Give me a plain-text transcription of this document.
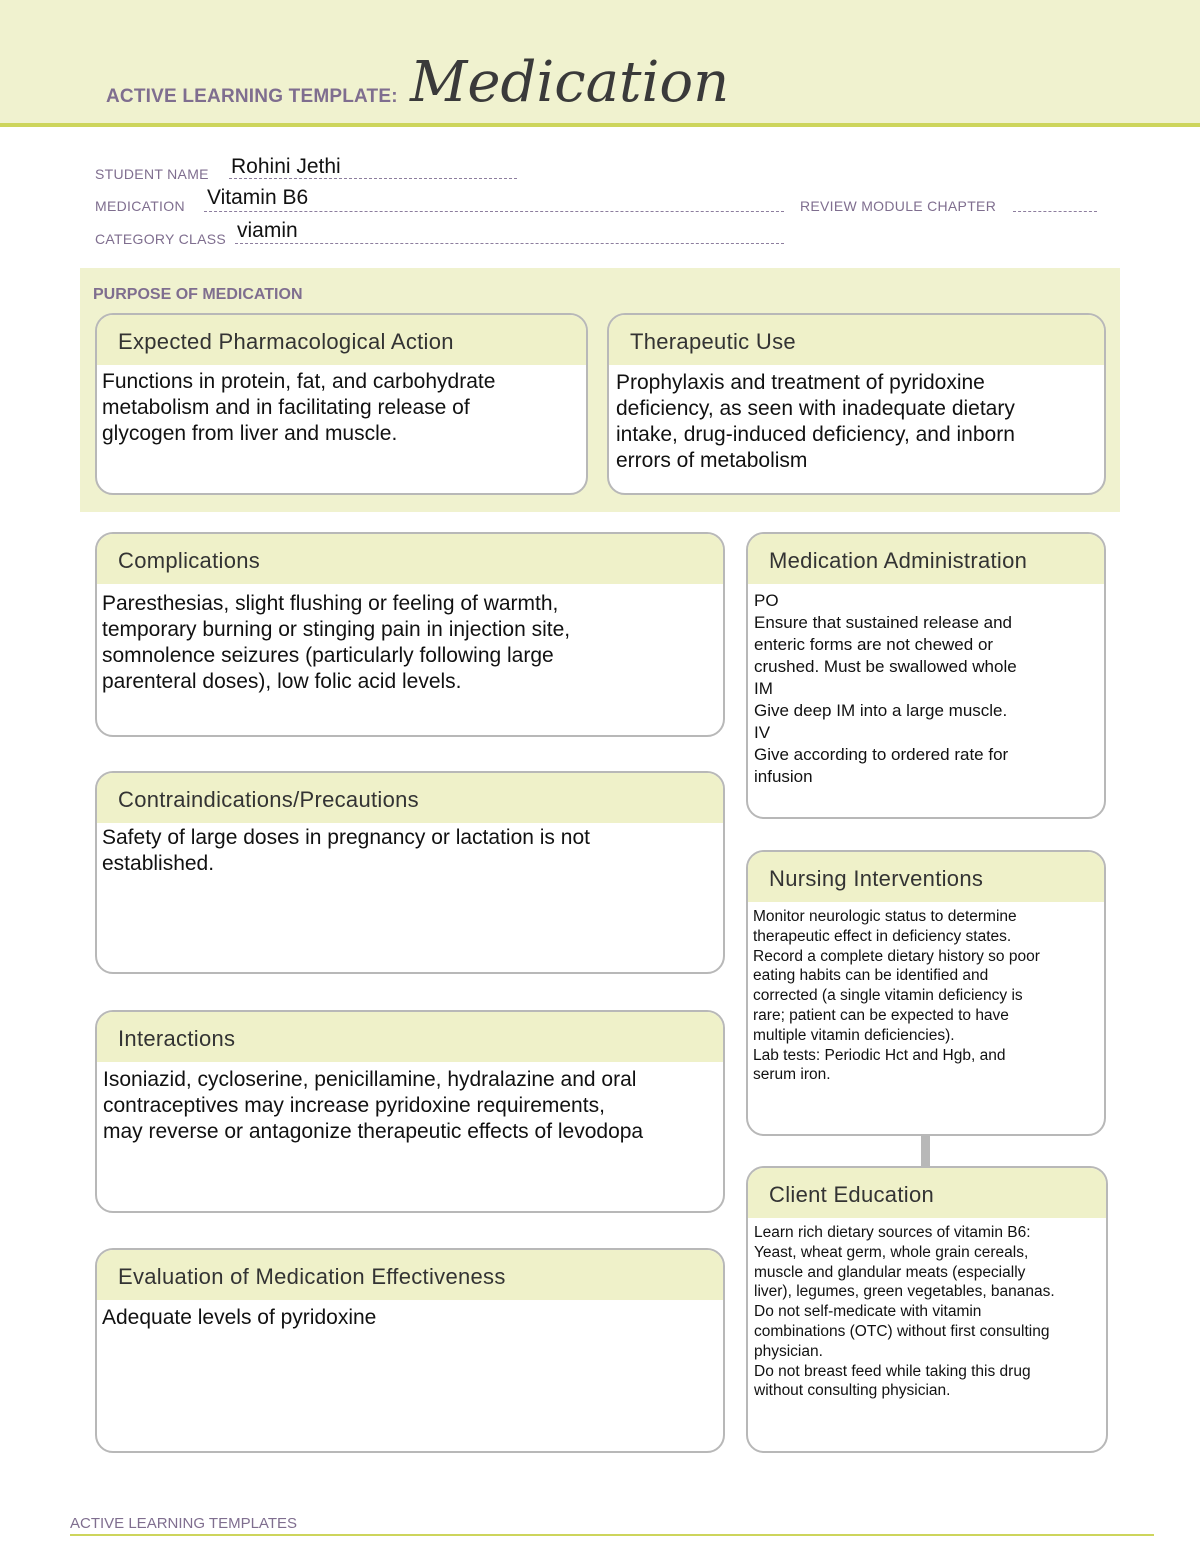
ACTIVE LEARNING TEMPLATE: Medication
STUDENT NAME Rohini Jethi
MEDICATION Vitamin B6	REVIEW MODULE CHAPTER
CATEGORY CLASS viamin
PURPOSE OF MEDICATION
Expected Pharmacological Action
Functions in protein, fat, and carbohydrate
metabolism and in facilitating release of
glycogen from liver and muscle.
Therapeutic Use
Prophylaxis and treatment of pyridoxine
deficiency, as seen with inadequate dietary
intake, drug-induced deficiency, and inborn
errors of metabolism
Complications
Paresthesias, slight flushing or feeling of warmth,
temporary burning or stinging pain in injection site,
somnolence seizures (particularly following large
parenteral doses), low folic acid levels.
Contraindications/Precautions
Safety of large doses in pregnancy or lactation is not
established.
Interactions
Isoniazid, cycloserine, penicillamine, hydralazine and oral
contraceptives may increase pyridoxine requirements,
may reverse or antagonize therapeutic effects of levodopa
Evaluation of Medication Effectiveness
Adequate levels of pyridoxine
Medication Administration
PO
Ensure that sustained release and
enteric forms are not chewed or
crushed. Must be swallowed whole
IM
Give deep IM into a large muscle.
IV
Give according to ordered rate for
infusion
Nursing Interventions
Monitor neurologic status to determine
therapeutic effect in deficiency states.
Record a complete dietary history so poor
eating habits can be identified and
corrected (a single vitamin deficiency is
rare; patient can be expected to have
multiple vitamin deficiencies).
Lab tests: Periodic Hct and Hgb, and
serum iron.
Client Education
Learn rich dietary sources of vitamin B6:
Yeast, wheat germ, whole grain cereals,
muscle and glandular meats (especially
liver), legumes, green vegetables, bananas.
Do not self-medicate with vitamin
combinations (OTC) without first consulting
physician.
Do not breast feed while taking this drug
without consulting physician.
ACTIVE LEARNING TEMPLATES
